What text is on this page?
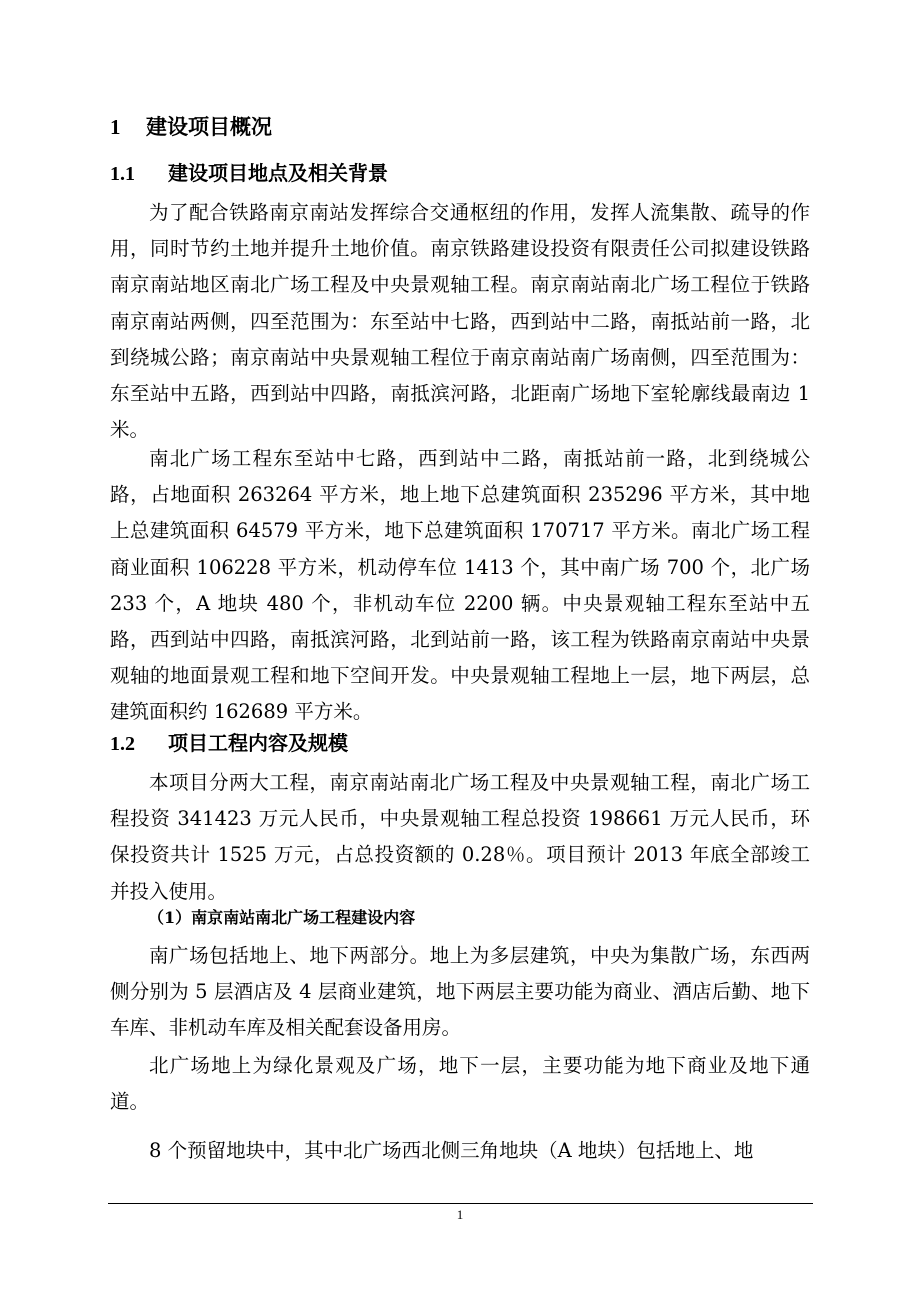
1 建设项目概况
1.1 建设项目地点及相关背景

为了配合铁路南京南站发挥综合交通枢纽的作用，发挥人流集散、疏导的作用，同时节约土地并提升土地价值。南京铁路建设投资有限责任公司拟建设铁路南京南站地区南北广场工程及中央景观轴工程。南京南站南北广场工程位于铁路南京南站两侧，四至范围为：东至站中七路，西到站中二路，南抵站前一路，北到绕城公路；南京南站中央景观轴工程位于南京南站南广场南侧，四至范围为：东至站中五路，西到站中四路，南抵滨河路，北距南广场地下室轮廓线最南边 1 米。

南北广场工程东至站中七路，西到站中二路，南抵站前一路，北到绕城公路，占地面积 263264 平方米，地上地下总建筑面积 235296 平方米，其中地上总建筑面积 64579 平方米，地下总建筑面积 170717 平方米。南北广场工程商业面积 106228 平方米，机动停车位 1413 个，其中南广场 700 个，北广场 233 个，A 地块 480 个，非机动车位 2200 辆。中央景观轴工程东至站中五路，西到站中四路，南抵滨河路，北到站前一路，该工程为铁路南京南站中央景观轴的地面景观工程和地下空间开发。中央景观轴工程地上一层，地下两层，总建筑面积约 162689 平方米。

1.2 项目工程内容及规模

本项目分两大工程，南京南站南北广场工程及中央景观轴工程，南北广场工程投资 341423 万元人民币，中央景观轴工程总投资 198661 万元人民币，环保投资共计 1525 万元，占总投资额的 0.28％。项目预计 2013 年底全部竣工并投入使用。

（1）南京南站南北广场工程建设内容

南广场包括地上、地下两部分。地上为多层建筑，中央为集散广场，东西两侧分别为 5 层酒店及 4 层商业建筑，地下两层主要功能为商业、酒店后勤、地下车库、非机动车库及相关配套设备用房。

北广场地上为绿化景观及广场，地下一层，主要功能为地下商业及地下通道。

8 个预留地块中，其中北广场西北侧三角地块（A 地块）包括地上、地

1
